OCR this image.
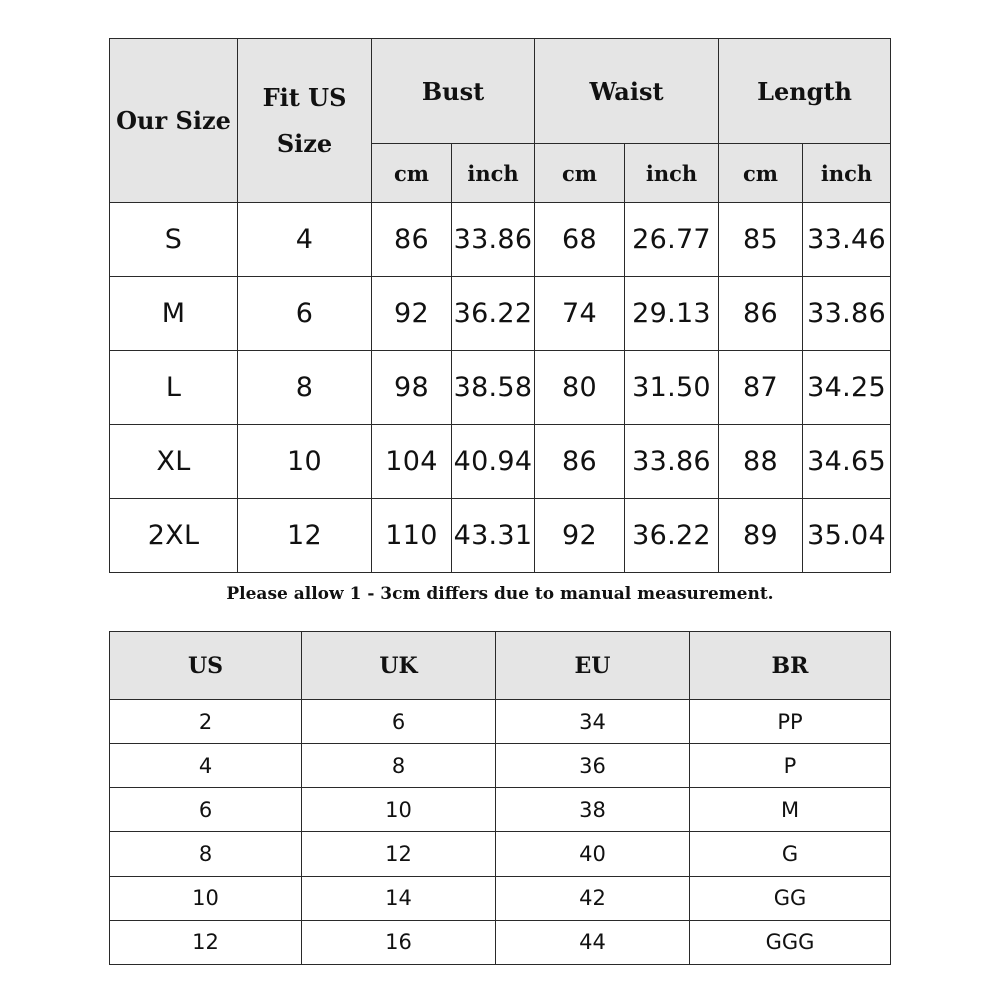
Our Size	Fit US Size	Bust		Waist		Length	
		cm	inch	cm	inch	cm	inch
S	4	86	33.86	68	26.77	85	33.46
M	6	92	36.22	74	29.13	86	33.86
L	8	98	38.58	80	31.50	87	34.25
XL	10	104	40.94	86	33.86	88	34.65
2XL	12	110	43.31	92	36.22	89	35.04
Please allow 1 - 3cm differs due to manual measurement.
US	UK	EU	BR
2	6	34	PP
4	8	36	P
6	10	38	M
8	12	40	G
10	14	42	GG
12	16	44	GGG
